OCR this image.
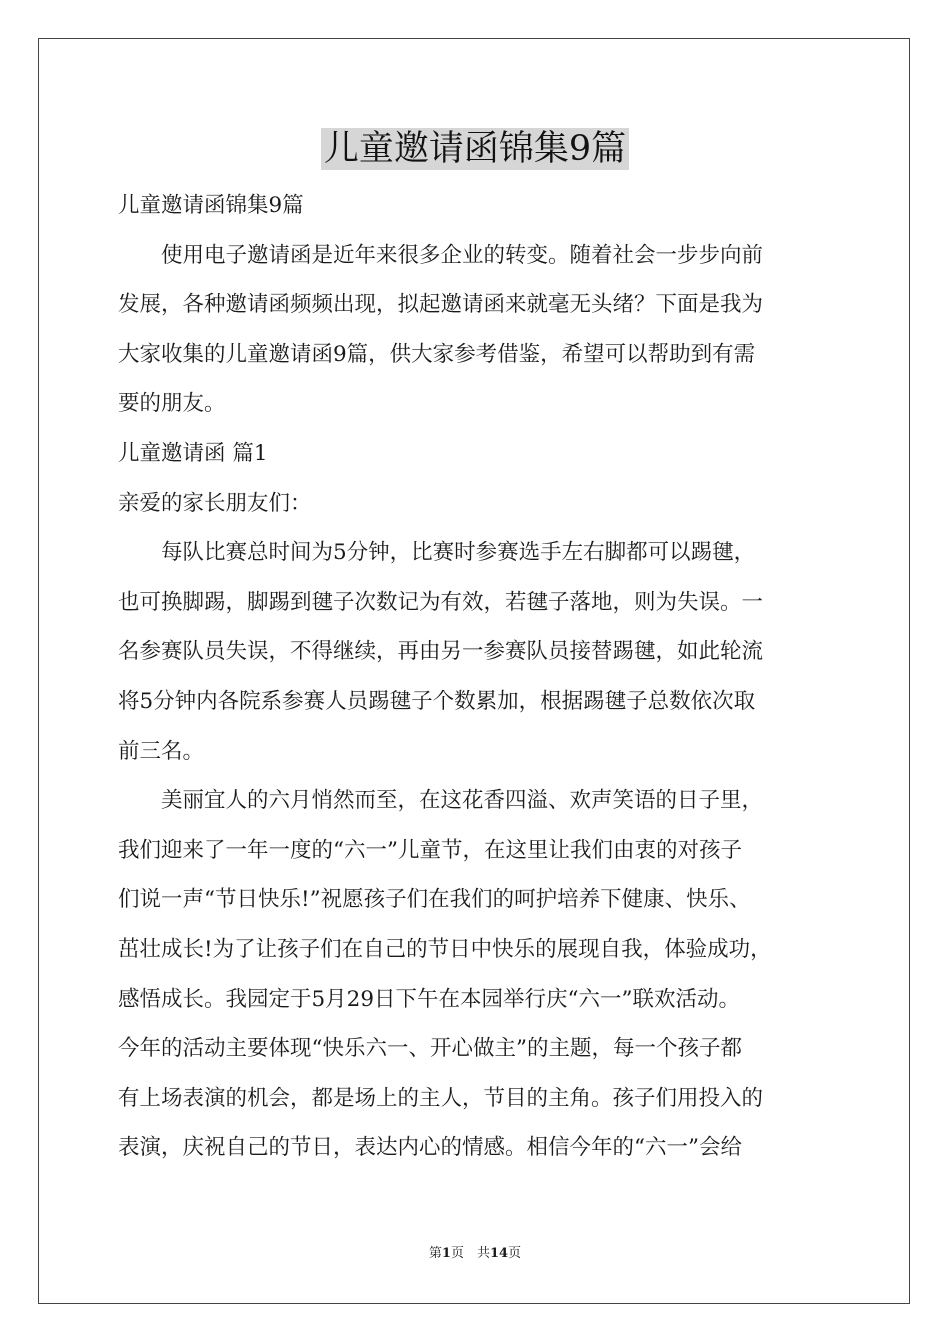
儿童邀请函锦集9篇
儿童邀请函锦集9篇
　　使用电子邀请函是近年来很多企业的转变。随着社会一步步向前
发展，各种邀请函频频出现，拟起邀请函来就毫无头绪？下面是我为
大家收集的儿童邀请函9篇，供大家参考借鉴，希望可以帮助到有需
要的朋友。
儿童邀请函 篇1
亲爱的家长朋友们：
　　每队比赛总时间为5分钟，比赛时参赛选手左右脚都可以踢毽，
也可换脚踢，脚踢到毽子次数记为有效，若毽子落地，则为失误。一
名参赛队员失误，不得继续，再由另一参赛队员接替踢毽，如此轮流
将5分钟内各院系参赛人员踢毽子个数累加，根据踢毽子总数依次取
前三名。
　　美丽宜人的六月悄然而至，在这花香四溢、欢声笑语的日子里，
我们迎来了一年一度的“六一”儿童节，在这里让我们由衷的对孩子
们说一声“节日快乐!”祝愿孩子们在我们的呵护培养下健康、快乐、
茁壮成长!为了让孩子们在自己的节日中快乐的展现自我，体验成功，
感悟成长。我园定于5月29日下午在本园举行庆“六一”联欢活动。
今年的活动主要体现“快乐六一、开心做主”的主题，每一个孩子都
有上场表演的机会，都是场上的主人，节目的主角。孩子们用投入的
表演，庆祝自己的节日，表达内心的情感。相信今年的“六一”会给
第1页　共14页
